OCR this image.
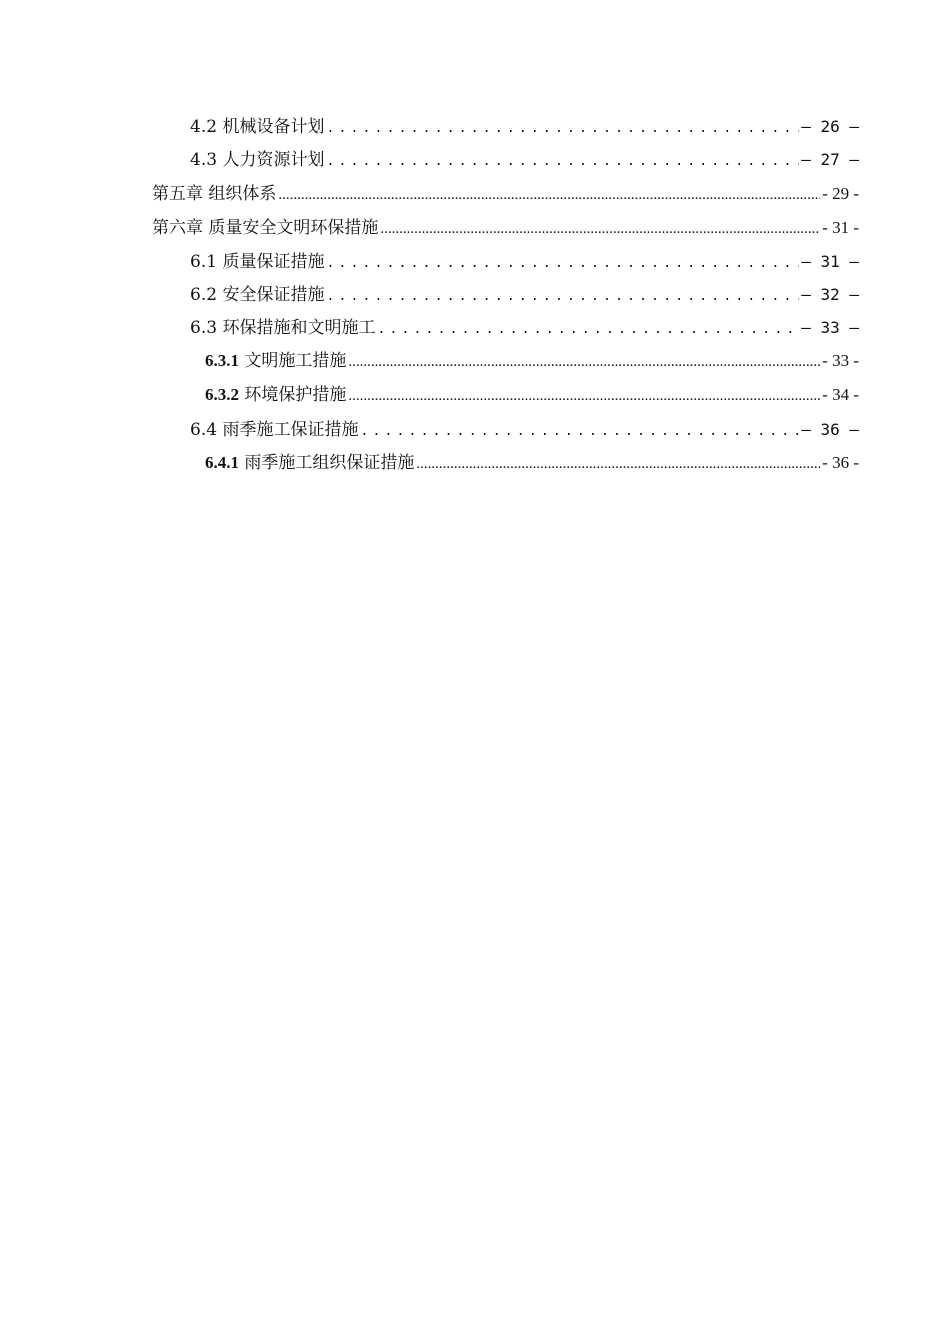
4.2 机械设备计划 .....	– 26 –
4.3 人力资源计划 .....	– 27 –
第五章 组织体系 .....	- 29 -
第六章 质量安全文明环保措施 .....	- 31 -
6.1 质量保证措施 .....	– 31 –
6.2 安全保证措施 .....	– 32 –
6.3 环保措施和文明施工 .....	– 33 –
6.3.1 文明施工措施 .....	- 33 -
6.3.2 环境保护措施 .....	- 34 -
6.4 雨季施工保证措施 .....	– 36 –
6.4.1 雨季施工组织保证措施 .....	- 36 -
